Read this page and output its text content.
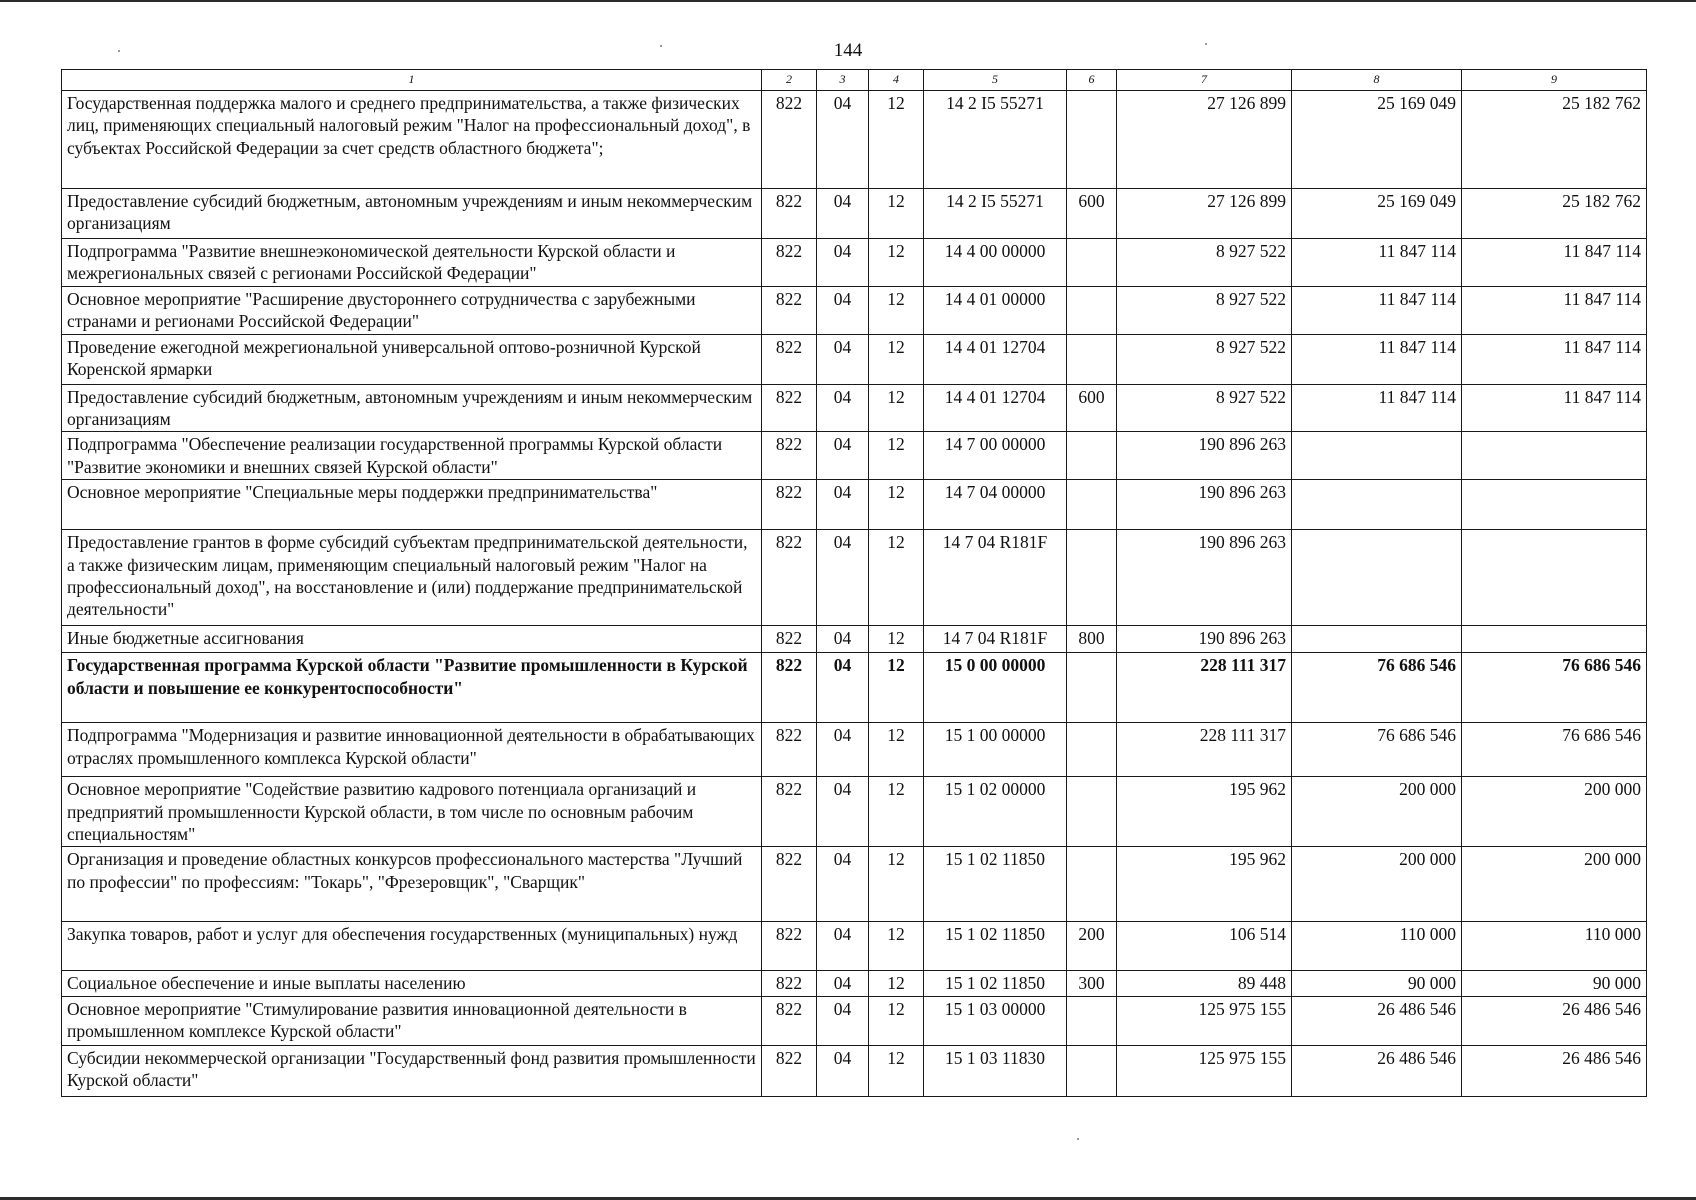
144
1	2	3	4	5	6	7	8	9
Государственная поддержка малого и среднего предпринимательства, а также физических лиц, применяющих специальный налоговый режим "Налог на профессиональный доход", в субъектах Российской Федерации за счет средств областного бюджета";	822	04	12	14 2 I5 55271		27 126 899	25 169 049	25 182 762
Предоставление субсидий бюджетным, автономным учреждениям и иным некоммерческим организациям	822	04	12	14 2 I5 55271	600	27 126 899	25 169 049	25 182 762
Подпрограмма "Развитие внешнеэкономической деятельности Курской области и межрегиональных связей с регионами Российской Федерации"	822	04	12	14 4 00 00000		8 927 522	11 847 114	11 847 114
Основное мероприятие "Расширение двустороннего сотрудничества с зарубежными странами и регионами Российской Федерации"	822	04	12	14 4 01 00000		8 927 522	11 847 114	11 847 114
Проведение ежегодной межрегиональной универсальной оптово-розничной Курской Коренской ярмарки	822	04	12	14 4 01 12704		8 927 522	11 847 114	11 847 114
Предоставление субсидий бюджетным, автономным учреждениям и иным некоммерческим организациям	822	04	12	14 4 01 12704	600	8 927 522	11 847 114	11 847 114
Подпрограмма "Обеспечение реализации государственной программы Курской области "Развитие экономики и внешних связей Курской области"	822	04	12	14 7 00 00000		190 896 263		
Основное мероприятие "Специальные меры поддержки предпринимательства"	822	04	12	14 7 04 00000		190 896 263		
Предоставление грантов в форме субсидий субъектам предпринимательской деятельности, а также физическим лицам, применяющим специальный налоговый режим "Налог на профессиональный доход", на восстановление и (или) поддержание предпринимательской деятельности"	822	04	12	14 7 04 R181F		190 896 263		
Иные бюджетные ассигнования	822	04	12	14 7 04 R181F	800	190 896 263		
Государственная программа Курской области "Развитие промышленности в Курской области и повышение ее конкурентоспособности"	822	04	12	15 0 00 00000		228 111 317	76 686 546	76 686 546
Подпрограмма "Модернизация и развитие инновационной деятельности в обрабатывающих отраслях промышленного комплекса Курской области"	822	04	12	15 1 00 00000		228 111 317	76 686 546	76 686 546
Основное мероприятие "Содействие развитию кадрового потенциала организаций и предприятий промышленности Курской области, в том числе по основным рабочим специальностям"	822	04	12	15 1 02 00000		195 962	200 000	200 000
Организация и проведение областных конкурсов профессионального мастерства "Лучший по профессии" по профессиям: "Токарь", "Фрезеровщик", "Сварщик"	822	04	12	15 1 02 11850		195 962	200 000	200 000
Закупка товаров, работ и услуг для обеспечения государственных (муниципальных) нужд	822	04	12	15 1 02 11850	200	106 514	110 000	110 000
Социальное обеспечение и иные выплаты населению	822	04	12	15 1 02 11850	300	89 448	90 000	90 000
Основное мероприятие "Стимулирование развития инновационной деятельности в промышленном комплексе Курской области"	822	04	12	15 1 03 00000		125 975 155	26 486 546	26 486 546
Субсидии некоммерческой организации "Государственный фонд развития промышленности Курской области"	822	04	12	15 1 03 11830		125 975 155	26 486 546	26 486 546
